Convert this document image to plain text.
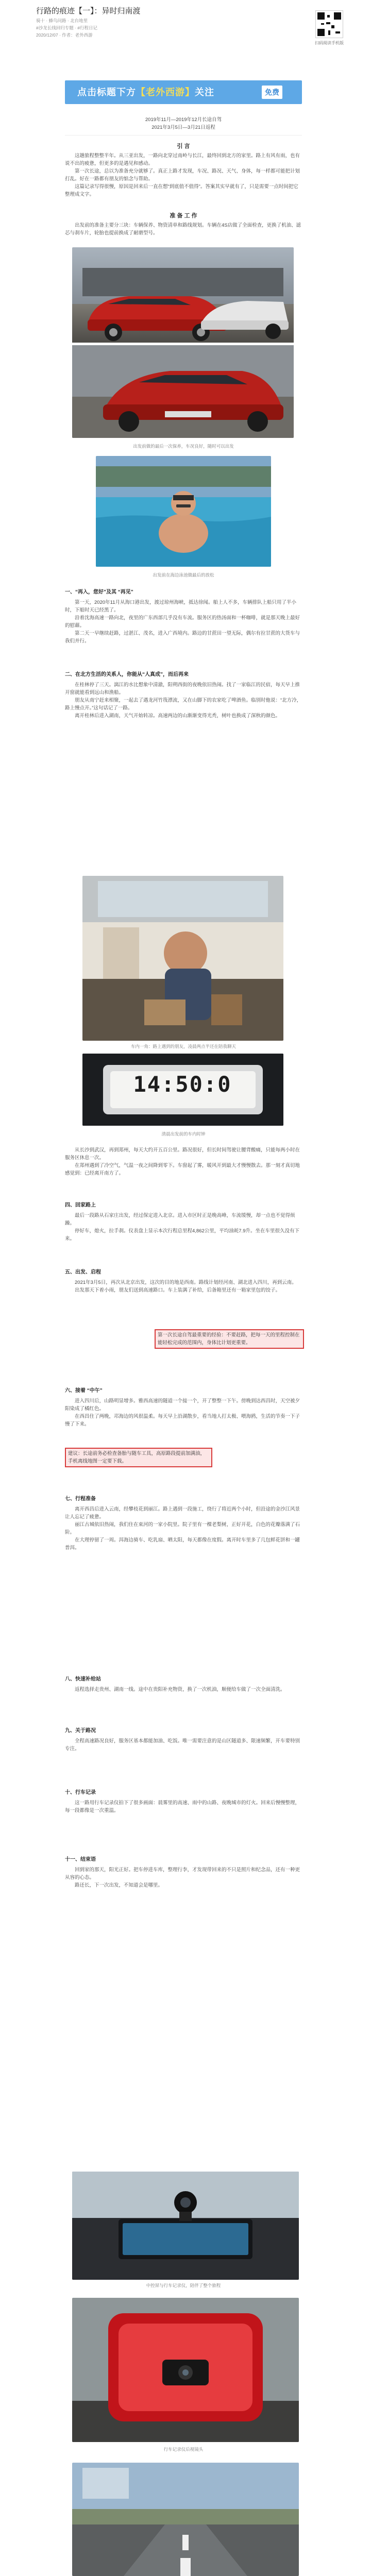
行路的痕迹【一】：异时归南渡
骑十 · 蜂鸟问路 · 北台地里
#沙龙长线回归专题 · #行程日记
2020/12/07 · 作者：老外西游
扫码阅读手机版
点击标题下方【老外西游】关注	免费
2019年11月—2019年12月长途自驾
2021年3月5日—3月21日返程
引 言

这趟旅程整整半年。从三亚出发，一路向北穿过南岭与长江，最终回到北方的家里。路上有风有雨，也有说不出的疲惫，但更多的是遇见和感动。

第一次长途，总以为准备充分就够了。真正上路才发现，车况、路况、天气、身体，每一样都可能把计划打乱。好在一路都有朋友的惦念与帮助。

这篇记录写得很慢，原因是回来后一直在想“到底值不值得”。答案其实早就有了，只是需要一点时间把它整理成文字。

准 备 工 作

出发前的准备主要分三块：车辆保养、物资清单和路线规划。车辆在4S店做了全面检查，更换了机油、滤芯与刹车片，轮胎也提前换成了耐磨型号。

出发前做的最后一次保养，车况良好，随时可以出发
出发前在海边泳池做最后的放松
一、“再入，您好”及其 “再见”

第一天，2020年11月从海口港出发，渡过琼州海峡，抵达徐闻。船上人不多，车辆排队上船只用了半小时，下船时天已经黑了。

沿着沈海高速一路向北，夜里的广东西部几乎没有车流。服务区的热汤面和一杯咖啡，就是那天晚上最好的慰藉。

第二天一早继续赶路，过湛江、茂名，进入广西境内。路边的甘蔗田一望无际，偶尔有拉甘蔗的大货车与我们并行。

二、在北方生活的关系人，你能从“人真成”，而后再来

在桂林停了三天。漓江的水比想象中清澈，阳朔西街的夜晚依旧热闹。找了一家临江的民宿，每天早上推开窗就能看到远山和渔船。

朋友从南宁赶来相聚，一起去了遇龙河竹筏漂流，又在山脚下的农家吃了啤酒鱼。临别时他说：“北方冷，路上慢点开。”这句话记了一路。

离开桂林后进入湖南，天气开始转凉。高速两边的山渐渐变得光秃，树叶也换成了深秋的颜色。

车内一角：路上遇到的朋友，凌晨两点半还在陪我聊天
14:50:0
清晨出发前的车内时钟

从长沙到武汉，再到郑州，每天大约开五百公里。路况很好，但长时间驾驶让腰背酸痛，只能每两小时在服务区休息一次。

在郑州遇到了冷空气，气温一夜之间降到零下。车窗起了雾，暖风开到最大才慢慢散去。那一刻才真切地感觉到：已经离开南方了。

四、回家路上

最后一段路从石家庄出发，经过保定进入北京。进入市区时正是晚高峰，车流缓慢，却一点也不觉得烦躁。

停好车，熄火，拉手刹。仪表盘上显示本次行程总里程4,862公里，平均油耗7.9升。坐在车里很久没有下来。

五、出发、启程

2021年3月5日，再次从北京出发，这次的目的地是西南。路线计划经河南、湖北进入四川，再到云南。

出发那天下着小雨，朋友们送到高速路口。车上装满了补给，后备箱里还有一箱家里包的饺子。

第一次长途自驾最重要的经验：不要赶路，把每一天的里程控制在能轻松完成的范围内，身体比计划更重要。
六、接着 “中午”

进入四川后，山路明显增多。雅西高速的隧道一个接一个，开了整整一下午。傍晚到达西昌时，天空被夕阳染成了橘红色。

在西昌住了两晚，邛海边的风很温柔。每天早上沿湖散步，看当地人打太极、喂海鸥，生活的节奏一下子慢了下来。

建议：长途前务必检查备胎与随车工具，高原路段提前加满油，手机离线地图一定要下载。
七、行程准备

离开西昌后进入云南，经攀枝花到丽江。路上遇到一段施工，绕行了将近两个小时，但沿途的金沙江风景让人忘记了疲惫。

丽江古城依旧热闹，我们住在束河的一家小院里。院子里有一棵老梨树，正好开花，白色的花瓣落满了石阶。

在大理停留了一周。洱海边骑车、吃乳扇、晒太阳，每天都像在度假。离开时车里多了几包鲜花饼和一罐普洱。

八、快速补给站

返程选择走贵州、湖南一线。途中在贵阳补充物资，换了一次机油，顺便给车做了一次全面清洗。

九、关于路况

全程高速路况良好，服务区基本都能加油、吃饭。唯一需要注意的是山区隧道多、限速频繁，开车要特别专注。

十、行车记录

这一路用行车记录仪拍下了很多画面：晨雾里的高速、雨中的山路、夜晚城市的灯火。回来后慢慢整理，每一段都像是一次重温。

十一、结束语

回到家的那天，阳光正好。把车停进车库，整理行李，才发现带回来的不只是照片和纪念品，还有一种更从容的心态。

路还长，下一次出发，不知道会是哪里。

中控屏与行车记录仪，陪伴了整个旅程
行车记录仪后视镜头
